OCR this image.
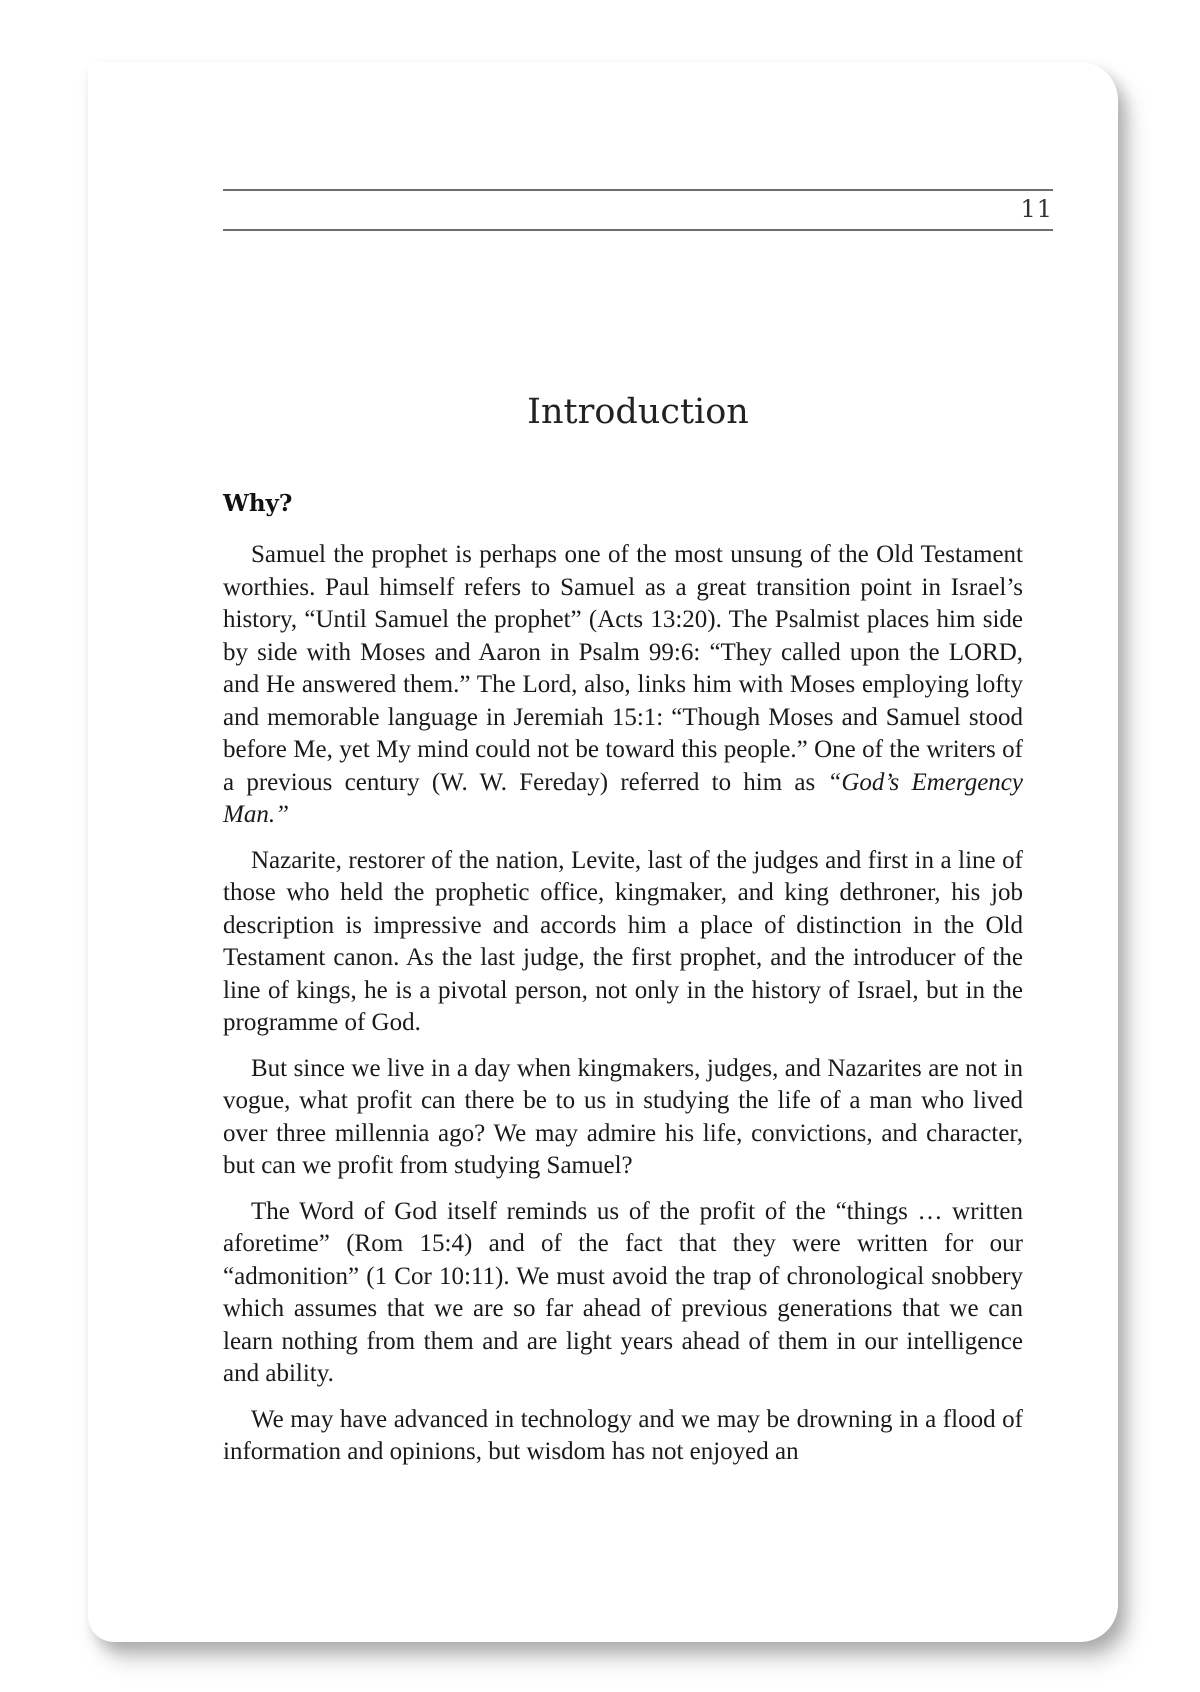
11
Introduction
Why?

Samuel the prophet is perhaps one of the most unsung of the Old Testament worthies. Paul himself refers to Samuel as a great transition point in Israel’s history, “Until Samuel the prophet” (Acts 13:20). The Psalmist places him side by side with Moses and Aaron in Psalm 99:6: “They called upon the LORD, and He answered them.” The Lord, also, links him with Moses employing lofty and memorable language in Jeremiah 15:1: “Though Moses and Samuel stood before Me, yet My mind could not be toward this people.” One of the writers of a previous century (W. W. Fereday) referred to him as “God’s Emergency Man.”

Nazarite, restorer of the nation, Levite, last of the judges and first in a line of those who held the prophetic office, kingmaker, and king dethroner, his job description is impressive and accords him a place of distinction in the Old Testament canon. As the last judge, the first prophet, and the introducer of the line of kings, he is a pivotal person, not only in the history of Israel, but in the programme of God.

But since we live in a day when kingmakers, judges, and Nazarites are not in vogue, what profit can there be to us in studying the life of a man who lived over three millennia ago? We may admire his life, convictions, and character, but can we profit from studying Samuel?

The Word of God itself reminds us of the profit of the “things … written aforetime” (Rom 15:4) and of the fact that they were written for our “admonition” (1 Cor 10:11). We must avoid the trap of chronological snobbery which assumes that we are so far ahead of previous generations that we can learn nothing from them and are light years ahead of them in our intelligence and ability.

We may have advanced in technology and we may be drowning in a flood of information and opinions, but wisdom has not enjoyed an
